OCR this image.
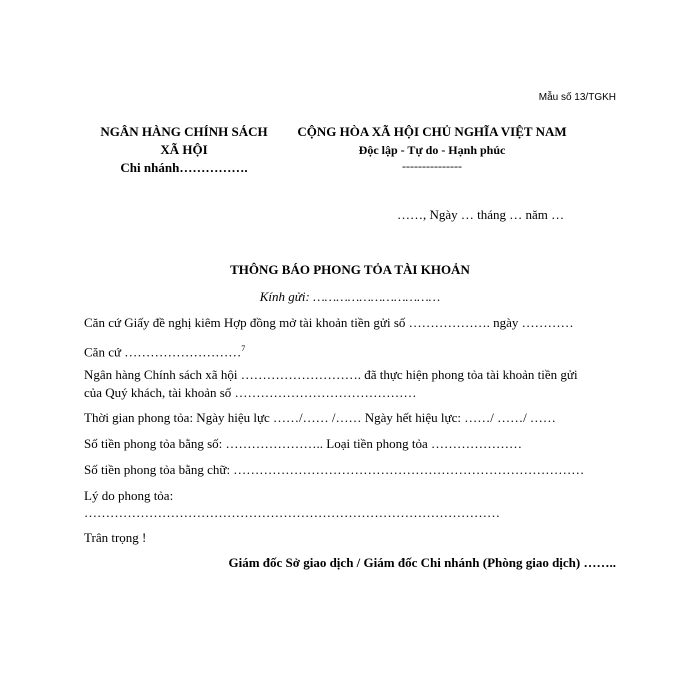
Mẫu số 13/TGKH
NGÂN HÀNG CHÍNH SÁCH
XÃ HỘI
Chi nhánh…………….
CỘNG HÒA XÃ HỘI CHỦ NGHĨA VIỆT NAM
Độc lập - Tự do - Hạnh phúc
---------------
……, Ngày … tháng … năm …
THÔNG BÁO PHONG TỎA TÀI KHOẢN
Kính gửi: ……………………………
Căn cứ Giấy đề nghị kiêm Hợp đồng mở tài khoản tiền gửi số ………………. ngày …………
Căn cứ ………………………$^7$
Ngân hàng Chính sách xã hội ………………………. đã thực hiện phong tỏa tài khoản tiền gửi
của Quý khách, tài khoản số ……………………………………
Thời gian phong tỏa: Ngày hiệu lực ……/…… /…… Ngày hết hiệu lực: ……/ ……/ ……
Số tiền phong tỏa bằng số: ………………….. Loại tiền phong tỏa …………………
Số tiền phong tỏa bằng chữ: ………………………………………………………………………
Lý do phong tỏa:
……………………………………………………………………………………
Trân trọng !
Giám đốc Sở giao dịch / Giám đốc Chi nhánh (Phòng giao dịch) ……..
